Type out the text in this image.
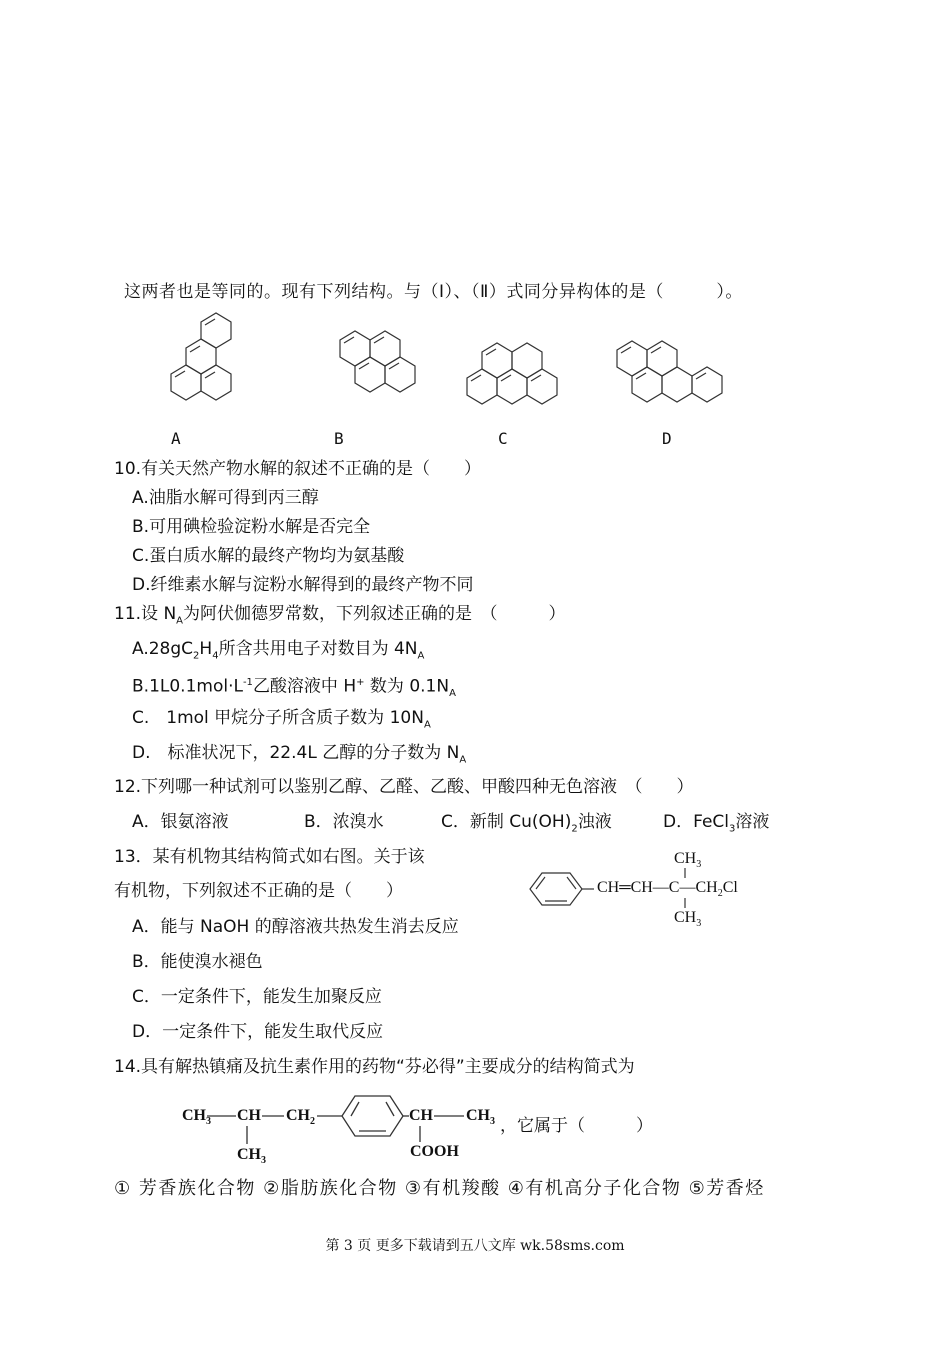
这两者也是等同的。现有下列结构。与（Ⅰ）、（Ⅱ）式同分异构体的是（　　　）。
A	B	C	D
10.有关天然产物水解的叙述不正确的是（　　）
A.油脂水解可得到丙三醇
B.可用碘检验淀粉水解是否完全
C.蛋白质水解的最终产物均为氨基酸
D.纤维素水解与淀粉水解得到的最终产物不同
11.设 $N_A$为阿伏伽德罗常数，下列叙述正确的是　（　　　）
$A.28gC_2H_4$所含共用电子对数目为 $4N_A$
$B.1L0.1mol\cdot L^{-1}$乙酸溶液中 H+ 数为 $0.1N_A$
C.　1mol 甲烷分子所含质子数为 $10N_A$
D.　标准状况下，22.4L 乙醇的分子数为 $N_A$
12.下列哪一种试剂可以鉴别乙醇、乙醛、乙酸、甲酸四种无色溶液　（　　）
A．银氨溶液	B．浓溴水	C．新制 $Cu(OH)_2$浊液	D．FeCl$_3$溶液
13．某有机物其结构简式如右图。关于该
有机物，下列叙述不正确的是（　　）	$CH═CH—C—CH_2Cl$
$CH_3$
$CH_3$
A．能与 NaOH 的醇溶液共热发生消去反应
B．能使溴水褪色
C．一定条件下，能发生加聚反应
D．一定条件下，能发生取代反应
14.具有解热镇痛及抗生素作用的药物“芬必得”主要成分的结构简式为
$CH_3$ CH $CH_2$
$CH_3$
CH $CH_3$
COOH
，它属于（　　　）
① 芳香族化合物 ②脂肪族化合物 ③有机羧酸 ④有机高分子化合物 ⑤芳香烃
第 3 页 更多下载请到五八文库 wk.58sms.com
